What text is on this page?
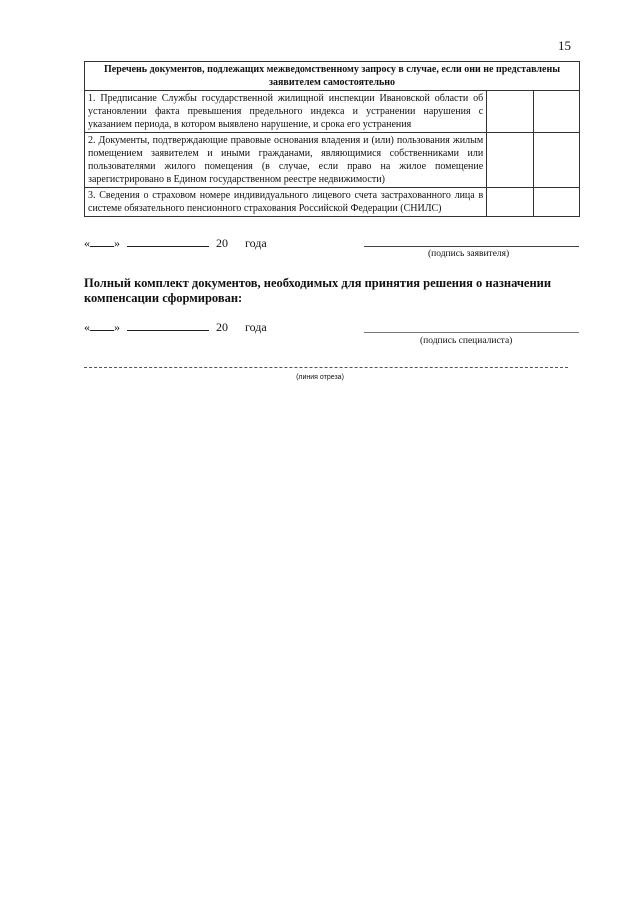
15
Перечень документов, подлежащих межведомственному запросу в случае, если они не представлены заявителем самостоятельно		
1. Предписание Службы государственной жилищной инспекции Ивановской области об установлении факта превышения предельного индекса и устранении нарушения с указанием периода, в котором выявлено нарушение, и срока его устранения		
2. Документы, подтверждающие правовые основания владения и (или) пользования жилым помещением заявителем и иными гражданами, являющимися собственниками или пользователями жилого помещения (в случае, если право на жилое помещение зарегистрировано в Едином государственном реестре недвижимости)		
3. Сведения о страховом номере индивидуального лицевого счета застрахованного лица в системе обязательного пенсионного страхования Российской Федерации (СНИЛС)		
« »	20 года
(подпись заявителя)
Полный комплект документов, необходимых для принятия решения о назначении компенсации сформирован:
« »	20 года
(подпись специалиста)
(линия отреза)
